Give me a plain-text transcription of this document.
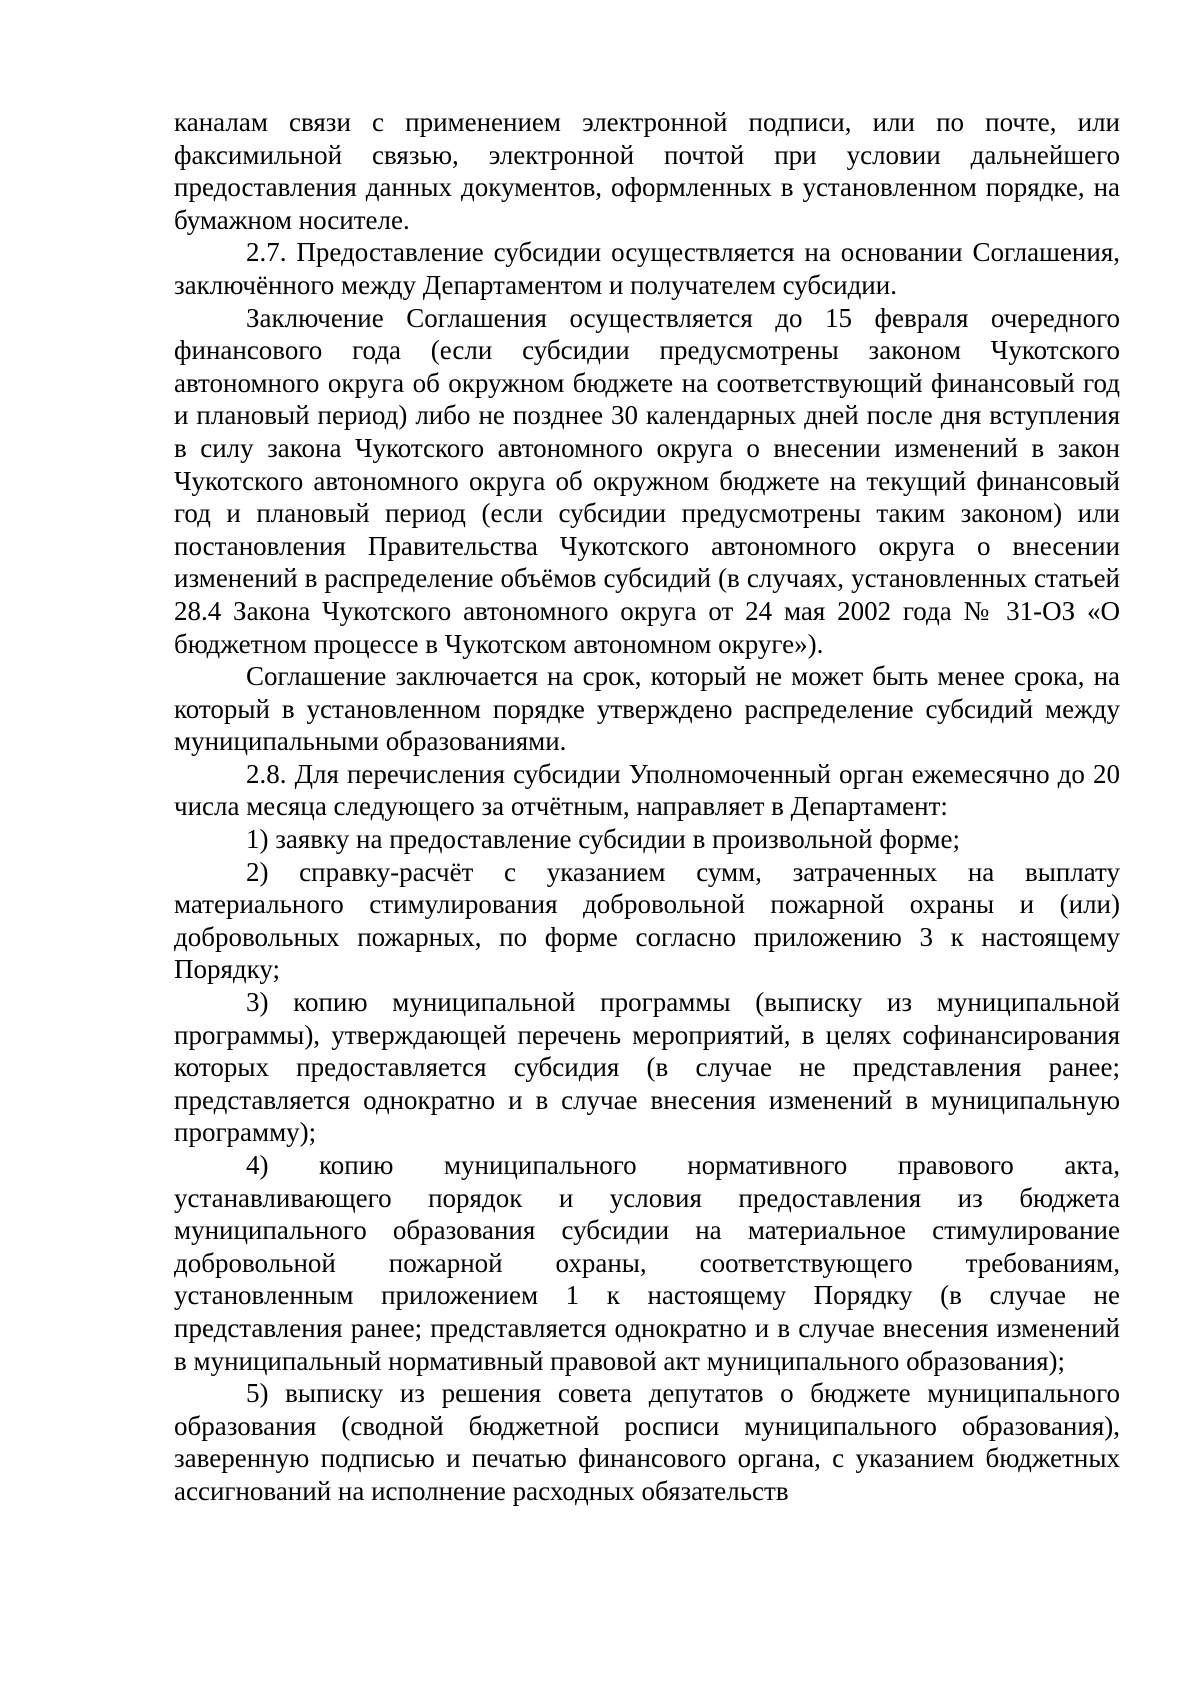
каналам связи с применением электронной подписи, или по почте, или факсимильной связью, электронной почтой при условии дальнейшего предоставления данных документов, оформленных в установленном порядке, на бумажном носителе.

2.7. Предоставление субсидии осуществляется на основании Соглашения, заключённого между Департаментом и получателем субсидии.

Заключение Соглашения осуществляется до 15 февраля очередного финансового года (если субсидии предусмотрены законом Чукотского автономного округа об окружном бюджете на соответствующий финансовый год и плановый период) либо не позднее 30 календарных дней после дня вступления в силу закона Чукотского автономного округа о внесении изменений в закон Чукотского автономного округа об окружном бюджете на текущий финансовый год и плановый период (если субсидии предусмотрены таким законом) или постановления Правительства Чукотского автономного округа о внесении изменений в распределение объёмов субсидий (в случаях, установленных статьей 28.4 Закона Чукотского автономного округа от 24 мая 2002 года № 31-ОЗ «О бюджетном процессе в Чукотском автономном округе»).

Соглашение заключается на срок, который не может быть менее срока, на который в установленном порядке утверждено распределение субсидий между муниципальными образованиями.

2.8. Для перечисления субсидии Уполномоченный орган ежемесячно до 20 числа месяца следующего за отчётным, направляет в Департамент:

1) заявку на предоставление субсидии в произвольной форме;

2) справку-расчёт с указанием сумм, затраченных на выплату материального стимулирования добровольной пожарной охраны и (или) добровольных пожарных, по форме согласно приложению 3 к настоящему Порядку;

3) копию муниципальной программы (выписку из муниципальной программы), утверждающей перечень мероприятий, в целях софинансирования которых предоставляется субсидия (в случае не представления ранее; представляется однократно и в случае внесения изменений в муниципальную программу);

4) копию муниципального нормативного правового акта, устанавливающего порядок и условия предоставления из бюджета муниципального образования субсидии на материальное стимулирование добровольной пожарной охраны, соответствующего требованиям, установленным приложением 1 к настоящему Порядку (в случае не представления ранее; представляется однократно и в случае внесения изменений в муниципальный нормативный правовой акт муниципального образования);

5) выписку из решения совета депутатов о бюджете муниципального образования (сводной бюджетной росписи муниципального образования), заверенную подписью и печатью финансового органа, с указанием бюджетных ассигнований на исполнение расходных обязательств
